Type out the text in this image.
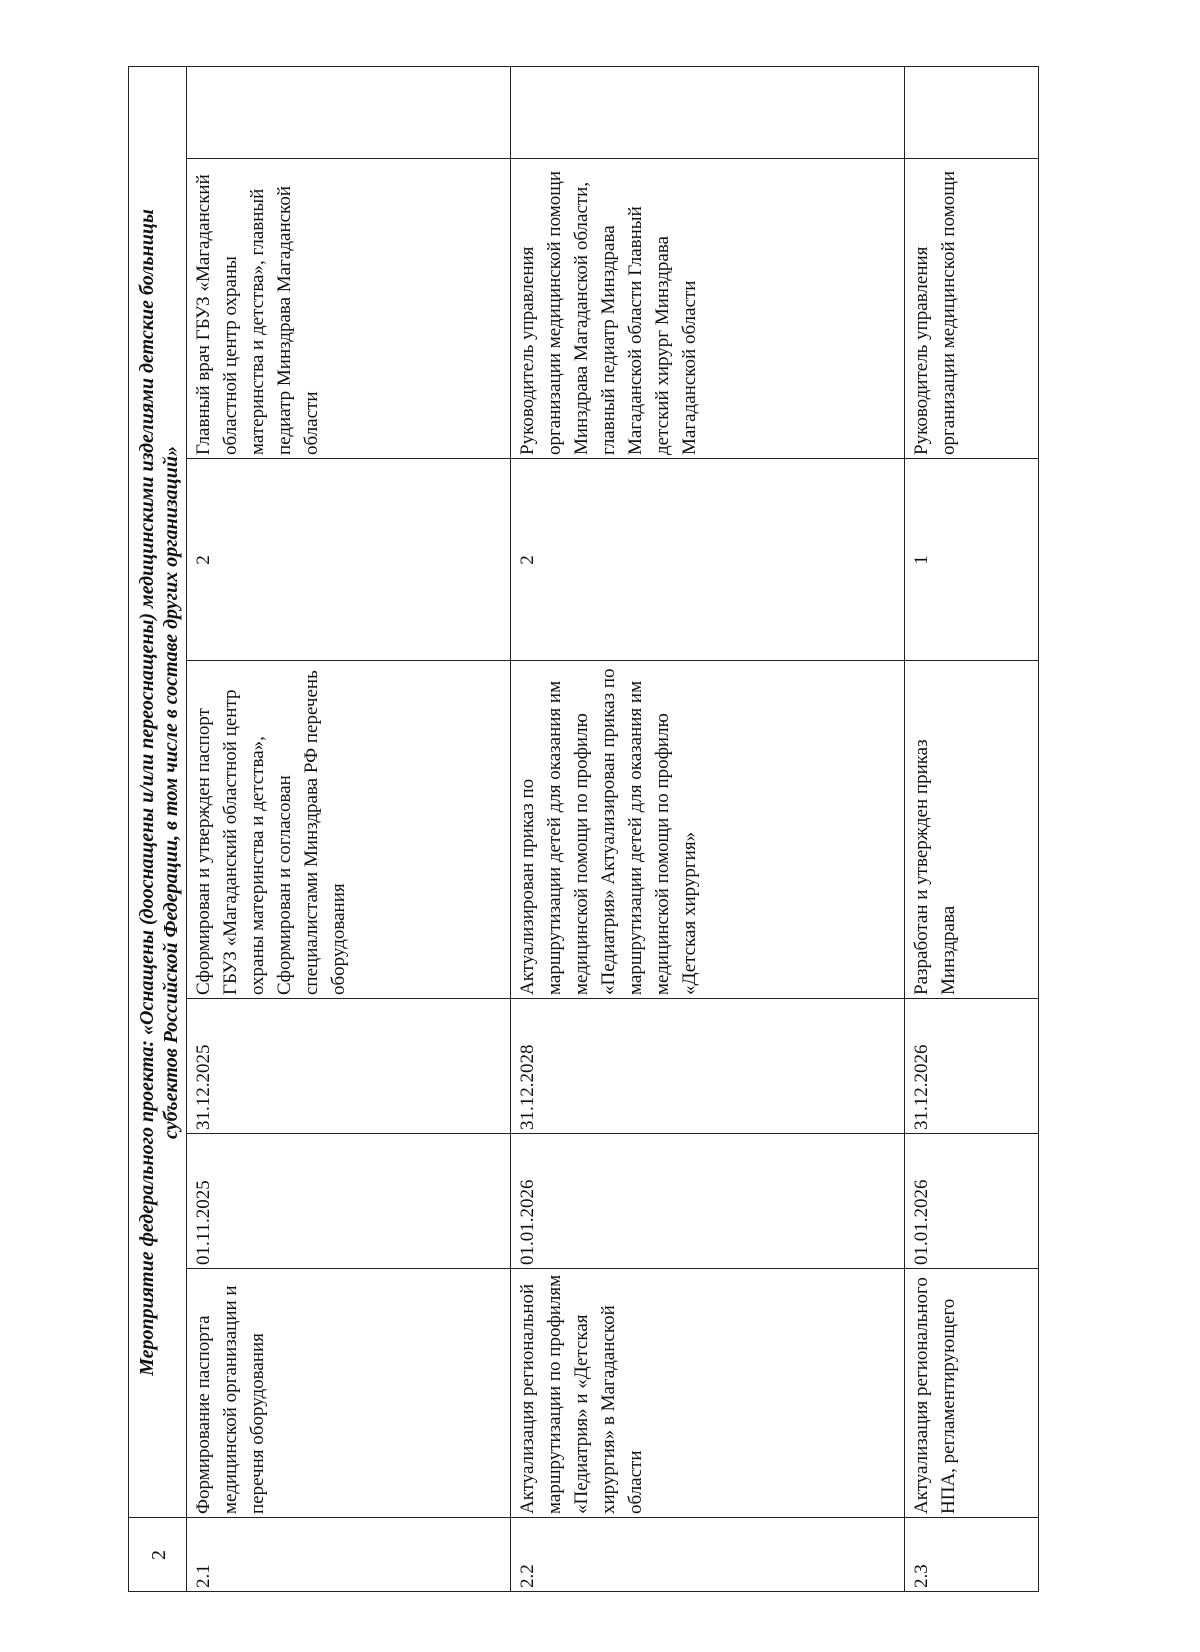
2	Мероприятие федерального проекта: «Оснащены (дооснащены и/или переоснащены) медицинскими изделиями детские больницы субъектов Российской Федерации, в том числе в составе других организаций»						

2.1	Формирование паспорта медицинской организации и перечня оборудования	01.11.2025	31.12.2025	Сформирован и утвержден паспорт ГБУЗ «Магаданский областной центр охраны материнства и детства», Сформирован и согласован специалистами Минздрава РФ перечень оборудования	2	Главный врач ГБУЗ «Магаданский областной центр охраны материнства и детства», главный педиатр Минздрава Магаданской области	
2.2	Актуализация региональной маршрутизации по профилям «Педиатрия» и «Детская хирургия» в Магаданской области	01.01.2026	31.12.2028	Актуализирован приказ по маршрутизации детей для оказания им медицинской помощи по профилю «Педиатрия» Актуализирован приказ по маршрутизации детей для оказания им медицинской помощи по профилю «Детская хирургия»	2	Руководитель управления организации медицинской помощи Минздрава Магаданской области, главный педиатр Минздрава Магаданской области Главный детский хирург Минздрава Магаданской области	
2.3	Актуализация регионального НПА, регламентирующего	01.01.2026	31.12.2026	Разработан и утвержден приказ Минздрава	1	Руководитель управления организации медицинской помощи	
